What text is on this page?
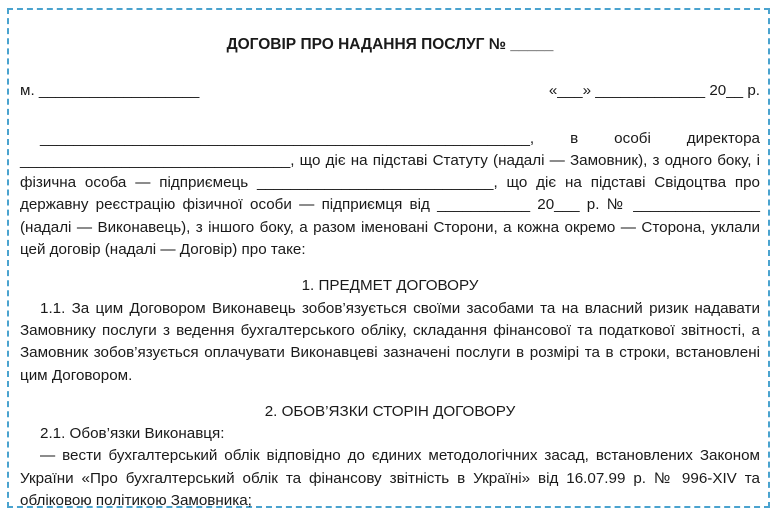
ДОГОВІР ПРО НАДАННЯ ПОСЛУГ № _____
м. ___________________	«___» _____________ 20__ р.

__________________________________________________________, в особі директора ________________________________, що діє на підставі Статуту (надалі — Замовник), з одного боку, і фізична особа — підприємець ____________________________, що діє на підставі Свідоцтва про державну реєстрацію фізичної особи — підприємця від ___________ 20___ р. № _______________ (надалі — Виконавець), з іншого боку, а разом іменовані Сторони, а кожна окремо — Сторона, уклали цей договір (надалі — Договір) про таке:

1. ПРЕДМЕТ ДОГОВОРУ

1.1. За цим Договором Виконавець зобов’язується своїми засобами та на власний ризик надавати Замовнику послуги з ведення бухгалтерського обліку, складання фінансової та податкової звітності, а Замовник зобов’язується оплачувати Виконавцеві зазначені послуги в розмірі та в строки, встановлені цим Договором.

2. ОБОВ’ЯЗКИ СТОРІН ДОГОВОРУ

2.1. Обов’язки Виконавця:

— вести бухгалтерський облік відповідно до єдиних методологічних засад, встановлених Законом України «Про бухгалтерський облік та фінансову звітність в Україні» від 16.07.99 р. № 996-XIV та обліковою політикою Замовника;
